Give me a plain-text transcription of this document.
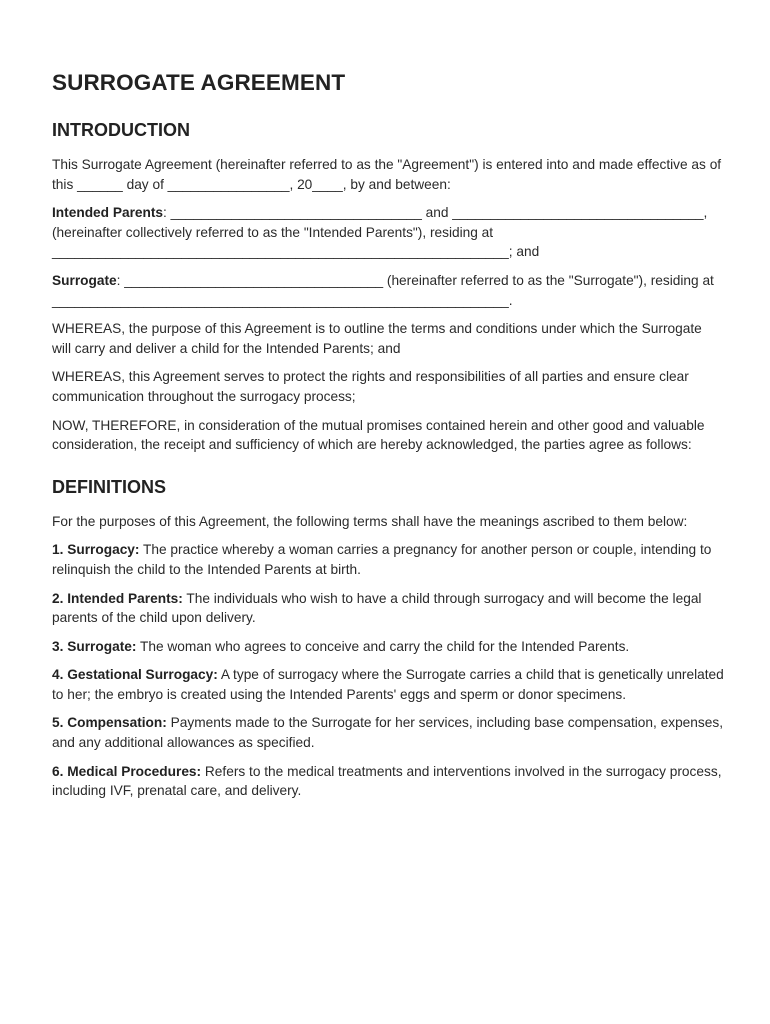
SURROGATE AGREEMENT
INTRODUCTION

This Surrogate Agreement (hereinafter referred to as the "Agreement") is entered into and made effective as of this ______ day of ________________, 20____, by and between:

Intended Parents: _________________________________ and _________________________________, (hereinafter collectively referred to as the "Intended Parents"), residing at ____________________________________________________________; and

Surrogate: __________________________________ (hereinafter referred to as the "Surrogate"), residing at ____________________________________________________________.

WHEREAS, the purpose of this Agreement is to outline the terms and conditions under which the Surrogate will carry and deliver a child for the Intended Parents; and

WHEREAS, this Agreement serves to protect the rights and responsibilities of all parties and ensure clear communication throughout the surrogacy process;

NOW, THEREFORE, in consideration of the mutual promises contained herein and other good and valuable consideration, the receipt and sufficiency of which are hereby acknowledged, the parties agree as follows:

DEFINITIONS

For the purposes of this Agreement, the following terms shall have the meanings ascribed to them below:

1. Surrogacy: The practice whereby a woman carries a pregnancy for another person or couple, intending to relinquish the child to the Intended Parents at birth.

2. Intended Parents: The individuals who wish to have a child through surrogacy and will become the legal parents of the child upon delivery.

3. Surrogate: The woman who agrees to conceive and carry the child for the Intended Parents.

4. Gestational Surrogacy: A type of surrogacy where the Surrogate carries a child that is genetically unrelated to her; the embryo is created using the Intended Parents' eggs and sperm or donor specimens.

5. Compensation: Payments made to the Surrogate for her services, including base compensation, expenses, and any additional allowances as specified.

6. Medical Procedures: Refers to the medical treatments and interventions involved in the surrogacy process, including IVF, prenatal care, and delivery.
